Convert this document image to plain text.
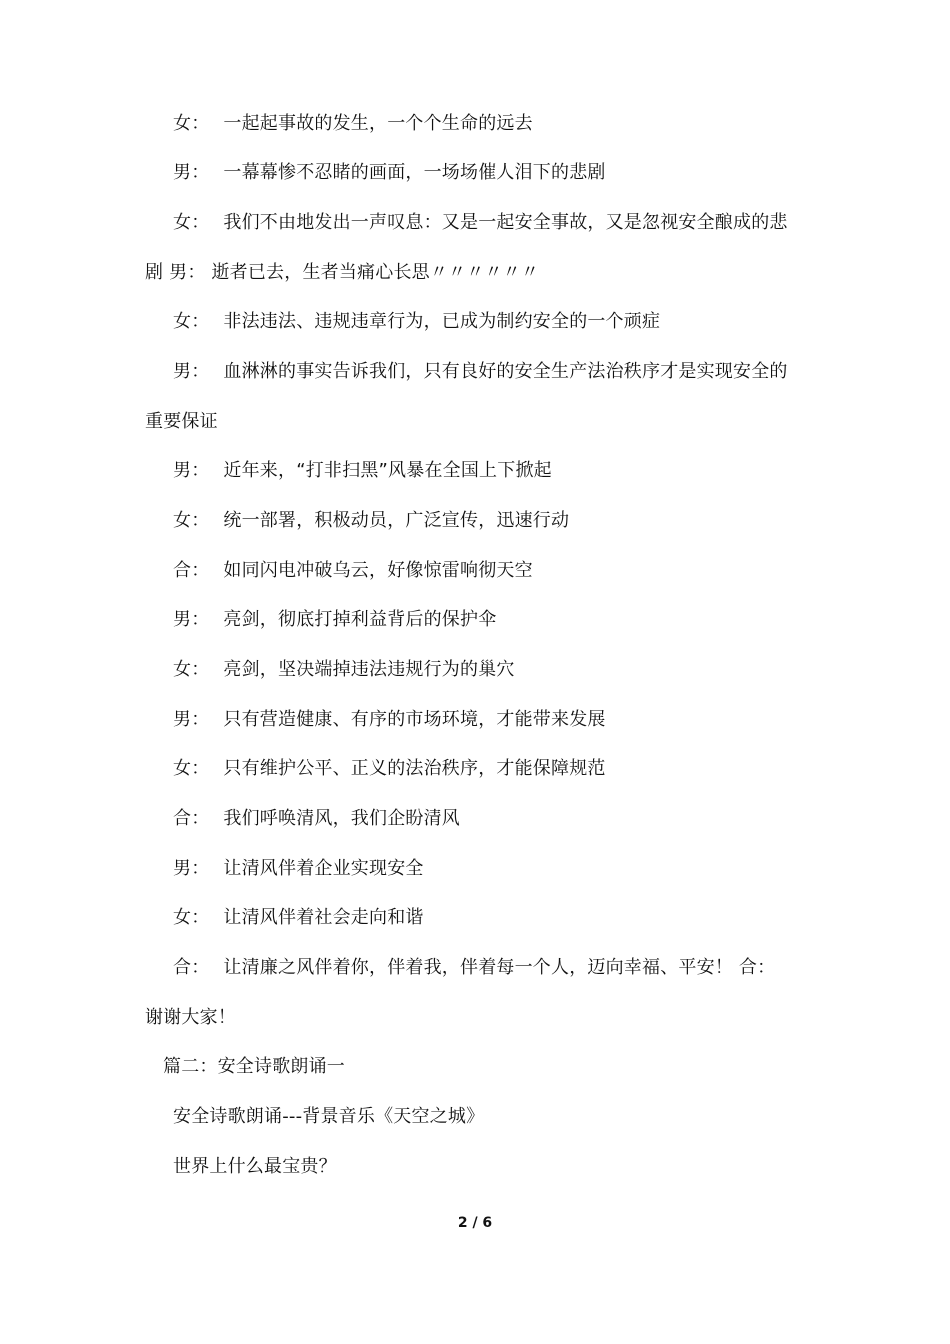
女： 一起起事故的发生，一个个生命的远去
男： 一幕幕惨不忍睹的画面，一场场催人泪下的悲剧
女： 我们不由地发出一声叹息：又是一起安全事故，又是忽视安全酿成的悲
剧 男： 逝者已去，生者当痛心长思〃〃〃〃〃〃
女： 非法违法、违规违章行为，已成为制约安全的一个顽症
男： 血淋淋的事实告诉我们，只有良好的安全生产法治秩序才是实现安全的
重要保证
男： 近年来，“打非扫黑”风暴在全国上下掀起
女： 统一部署，积极动员，广泛宣传，迅速行动
合： 如同闪电冲破乌云，好像惊雷响彻天空
男： 亮剑，彻底打掉利益背后的保护伞
女： 亮剑，坚决端掉违法违规行为的巢穴
男： 只有营造健康、有序的市场环境，才能带来发展
女： 只有维护公平、正义的法治秩序，才能保障规范
合： 我们呼唤清风，我们企盼清风
男： 让清风伴着企业实现安全
女： 让清风伴着社会走向和谐
合： 让清廉之风伴着你，伴着我，伴着每一个人，迈向幸福、平安！ 合：
谢谢大家！
篇二：安全诗歌朗诵一
安全诗歌朗诵---背景音乐《天空之城》
世界上什么最宝贵？
2 / 6
